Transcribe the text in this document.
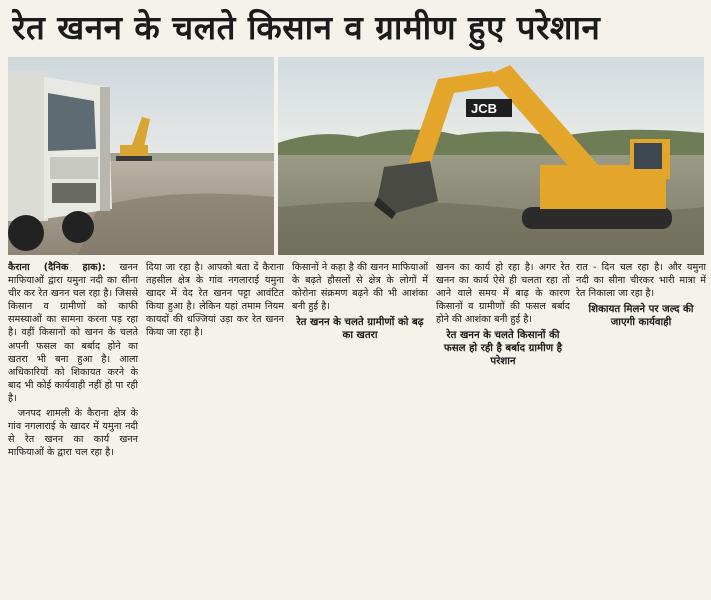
रेत खनन के चलते किसान व ग्रामीण हुए परेशान
JCB

कैराना (दैनिक हाक): खनन माफियाओं द्वारा यमुना नदी का सीना चीर कर रेत खनन चल रहा है। जिससे किसान व ग्रामीणों को काफी समस्याओं का सामना करना पड़ रहा है। वहीं किसानों को खनन के चलते अपनी फसल का बर्बाद होने का खतरा भी बना हुआ है। आला अधिकारियों को शिकायत करने के बाद भी कोई कार्यवाही नहीं हो पा रही है।

जनपद शामली के कैराना क्षेत्र के गांव नगलाराई के खादर में यमुना नदी से रेत खनन का कार्य खनन माफियाओं के द्वारा चल रहा है।

दिया जा रहा है। आपको बता दें कैराना तहसील क्षेत्र के गांव नगलाराई यमुना खादर में वेद रेत खनन पट्टा आवंटित किया हुआ है। लेकिन यहां तमाम नियम कायदों की धज्जियां उड़ा कर रेत खनन किया जा रहा है।

किसानों ने कहा है की खनन माफियाओं के बढ़ते हौसलों से क्षेत्र के लोगों में कोरोना संक्रमण बढ़ने की भी आशंका बनी हुई है।

रेत खनन के चलते ग्रामीणों को बढ़ का खतरा

खनन का कार्य हो रहा है। अगर रेत खनन का कार्य ऐसे ही चलता रहा तो आने वाले समय में बाढ़ के कारण किसानों व ग्रामीणों की फसल बर्बाद होने की आशंका बनी हुई है।

रेत खनन के चलते किसानों की फसल हो रही है बर्बाद ग्रामीण है परेशान

रात - दिन चल रहा है। और यमुना नदी का सीना चीरकर भारी मात्रा में रेत निकाला जा रहा है।

शिकायत मिलने पर जल्द की जाएगी कार्यवाही
